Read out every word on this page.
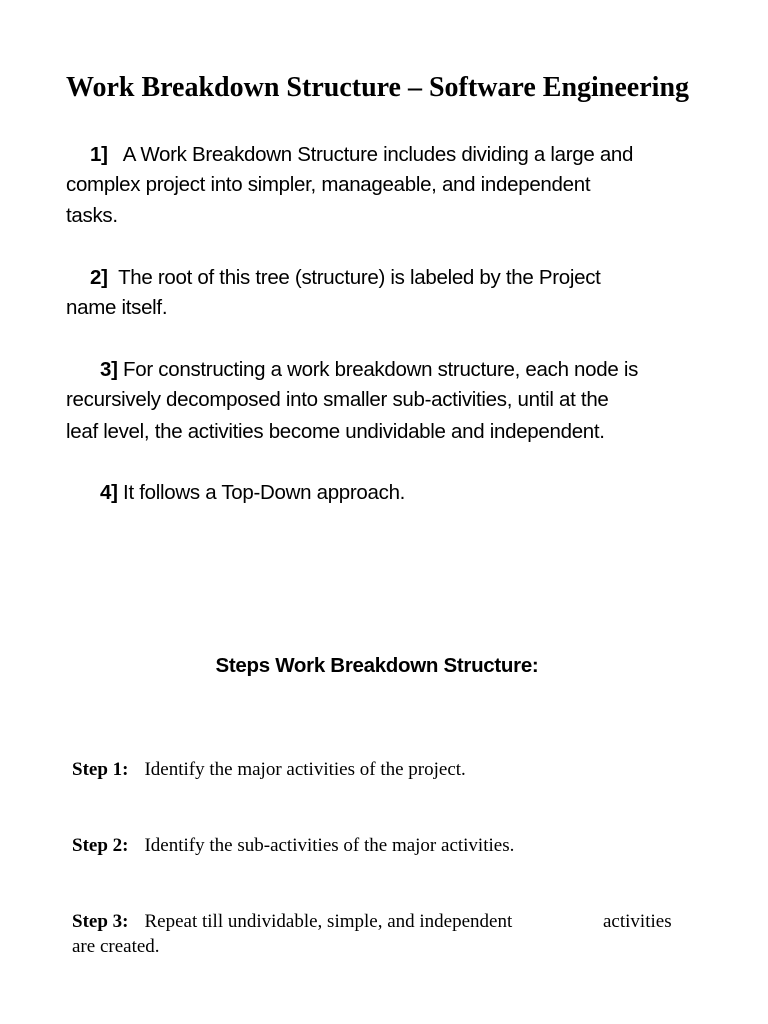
Work Breakdown Structure – Software Engineering
1] A Work Breakdown Structure includes dividing a large and
complex project into simpler, manageable, and independent
tasks.
2] The root of this tree (structure) is labeled by the Project
name itself.
3] For constructing a work breakdown structure, each node is
recursively decomposed into smaller sub-activities, until at the
leaf level, the activities become undividable and independent.
4] It follows a Top-Down approach.
Steps Work Breakdown Structure:
Step 1: Identify the major activities of the project.
Step 2: Identify the sub-activities of the major activities.
Step 3: Repeat till undividable, simple, and independent	activities
are created.
